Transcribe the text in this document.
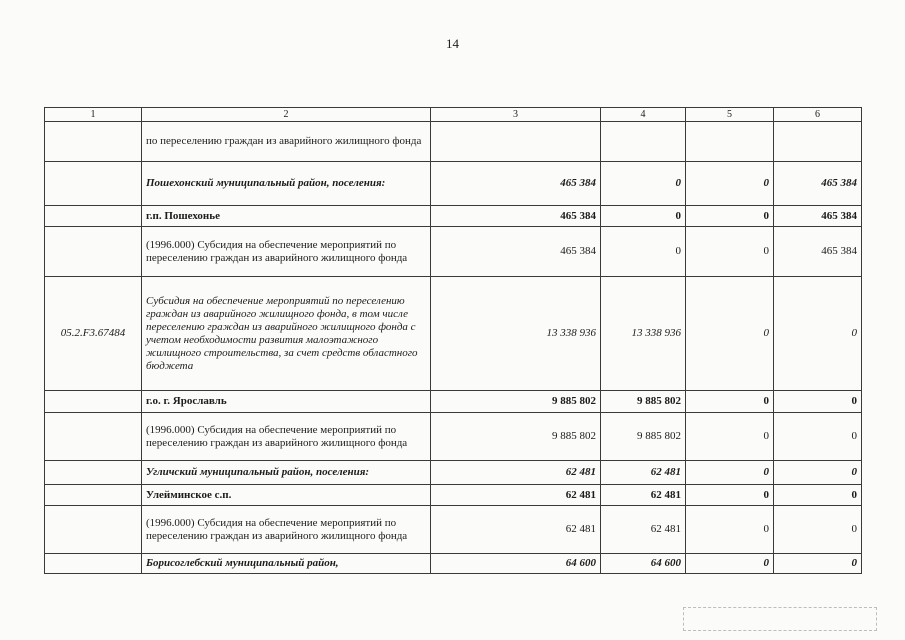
14
1	2	3	4	5	6
	по переселению граждан из аварийного жилищного фонда				
	Пошехонский муниципальный район, поселения:	465 384	0	0	465 384
	г.п. Пошехонье	465 384	0	0	465 384
	(1996.000) Субсидия на обеспечение мероприятий по переселению граждан из аварийного жилищного фонда	465 384	0	0	465 384
05.2.F3.67484	Субсидия на обеспечение мероприятий по переселению граждан из аварийного жилищного фонда, в том числе переселению граждан из аварийного жилищного фонда с учетом необходимости развития малоэтажного жилищного строительства, за счет средств областного бюджета	13 338 936	13 338 936	0	0
	г.о. г. Ярославль	9 885 802	9 885 802	0	0
	(1996.000) Субсидия на обеспечение мероприятий по переселению граждан из аварийного жилищного фонда	9 885 802	9 885 802	0	0
	Угличский муниципальный район, поселения:	62 481	62 481	0	0
	Улейминское с.п.	62 481	62 481	0	0
	(1996.000) Субсидия на обеспечение мероприятий по переселению граждан из аварийного жилищного фонда	62 481	62 481	0	0
	Борисоглебский муниципальный район,	64 600	64 600	0	0
